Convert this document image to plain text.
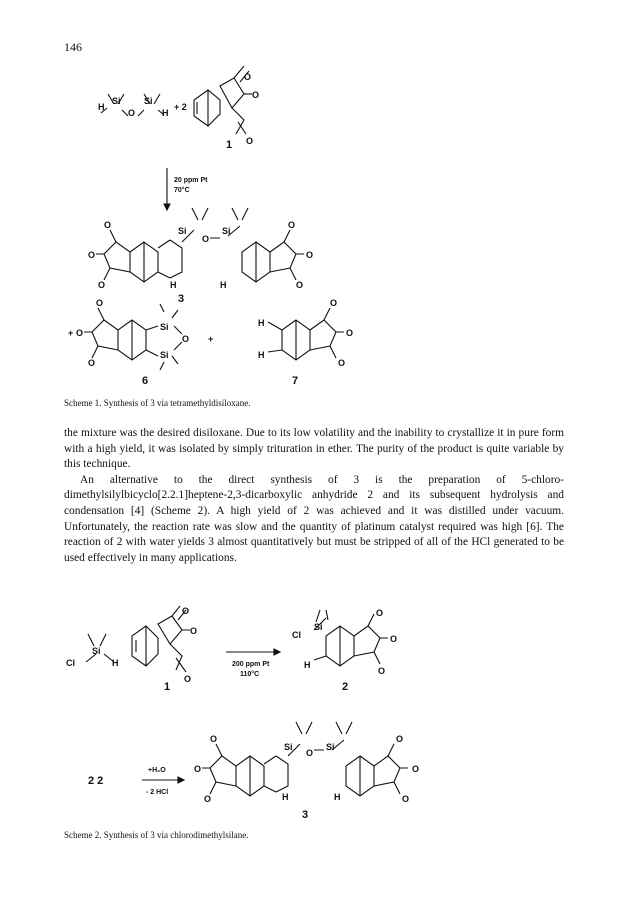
146
H
Si
O
Si
H
+ 2
O
O
O
1
20 ppm Pt
70°C
O
O
O
Si
O
Si
H	H
O
O
O
3
+
O
O
O
Si
O
Si
+
6
H
H
O
O
O
7
Scheme 1. Synthesis of 3 via tetramethyldisiloxane.

the mixture was the desired disiloxane. Due to its low volatility and the inability to crystallize it in pure form with a high yield, it was isolated by simply trituration in ether. The purity of the product is quite variable by this technique.

An alternative to the direct synthesis of 3 is the preparation of 5-chloro-dimethylsilylbicyclo[2.2.1]heptene-2,3-dicarboxylic anhydride 2 and its subsequent hydrolysis and condensation [4] (Scheme 2). A high yield of 2 was achieved and it was distilled under vacuum. Unfortunately, the reaction rate was slow and the quantity of platinum catalyst required was high [6]. The reaction of 2 with water yields 3 almost quantitatively but must be stripped of all of the HCl generated to be used effectively in many applications.

Cl
Si
H
O
O
O
1
200 ppm Pt
110°C
Cl
Si
H
O
O
O
2
2 2
+H₂O
- 2 HCl
O
O
O
Si
O
Si
H	H
O
O
O
3
Scheme 2. Synthesis of 3 via chlorodimethylsilane.
